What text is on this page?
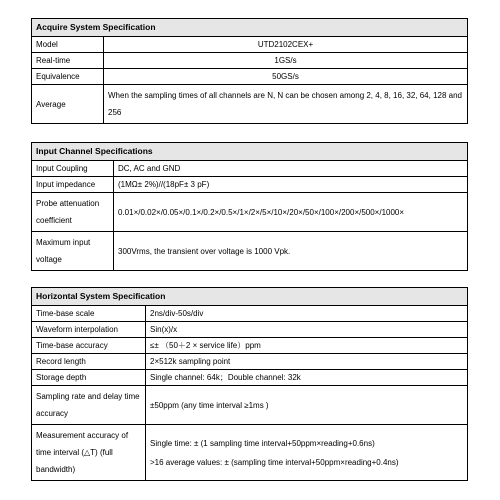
Acquire System Specification	
Model	UTD2102CEX+
Real-time	1GS/s
Equivalence	50GS/s
Average	When the sampling times of all channels are N, N can be chosen among 2, 4, 8, 16, 32, 64, 128 and 256
Input Channel Specifications	
Input Coupling	DC, AC and GND
Input impedance	(1MΩ± 2%)//(18pF± 3 pF)
Probe attenuation coefficient	0.01×/0.02×/0.05×/0.1×/0.2×/0.5×/1×/2×/5×/10×/20×/50×/100×/200×/500×/1000×
Maximum input voltage	300Vrms, the transient over voltage is 1000 Vpk.
Horizontal System Specification	
Time-base scale	2ns/div-50s/div
Waveform interpolation	Sin(x)/x
Time-base accuracy	≤± （50＋2 × service life）ppm
Record length	2×512k sampling point
Storage depth	Single channel: 64k；Double channel: 32k
Sampling rate and delay time accuracy	±50ppm (any time interval ≥1ms )
Measurement accuracy of time interval (△T) (full bandwidth)	Single time: ± (1 sampling time interval+50ppm×reading+0.6ns)
>16 average values: ± (sampling time interval+50ppm×reading+0.4ns)
